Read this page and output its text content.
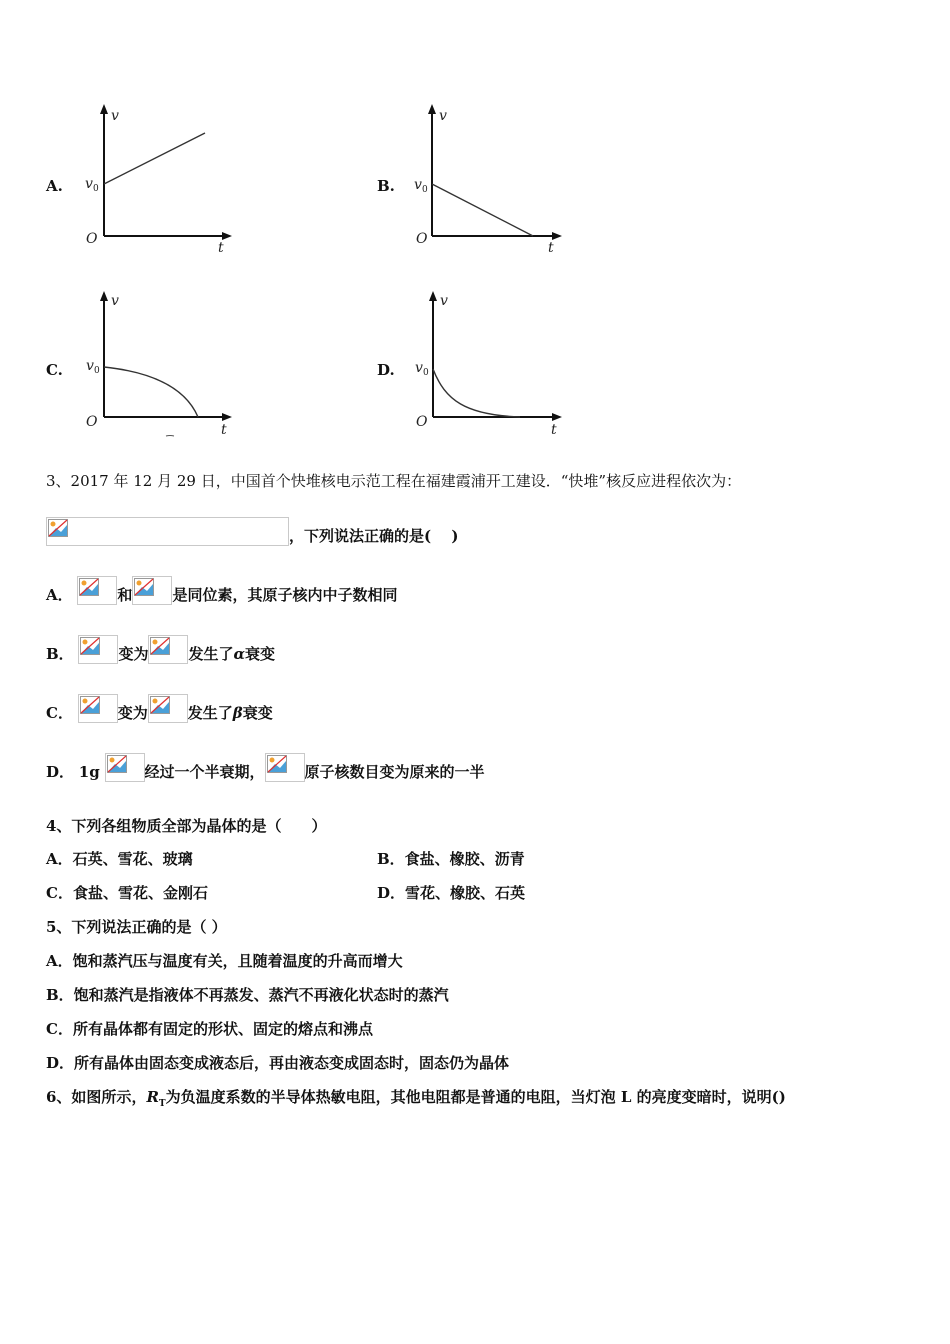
A.	B.
C.	D.
v
t
O
v 0
v
t
O
v 0
v
t
O
v 0
v
t
O
v 0
3、2017 年 12 月 29 日，中国首个快堆核电示范工程在福建霞浦开工建设．“快堆”核反应进程依次为：
，下列说法正确的是(　 )
A．	和	是同位素，其原子核内中子数相同
B．	变为	发生了α衰变
C．	变为	发生了β衰变
D． 1g	经过一个半衰期，	原子核数目变为原来的一半
4、下列各组物质全部为晶体的是（　　）
A．石英、雪花、玻璃	B．食盐、橡胶、沥青
C．食盐、雪花、金刚石	D．雪花、橡胶、石英
5、下列说法正确的是（ ）
A．饱和蒸汽压与温度有关，且随着温度的升高而增大
B．饱和蒸汽是指液体不再蒸发、蒸汽不再液化状态时的蒸汽
C．所有晶体都有固定的形状、固定的熔点和沸点
D．所有晶体由固态变成液态后，再由液态变成固态时，固态仍为晶体
6、如图所示，$R_T$为负温度系数的半导体热敏电阻，其他电阻都是普通的电阻，当灯泡 L 的亮度变暗时，说明()
